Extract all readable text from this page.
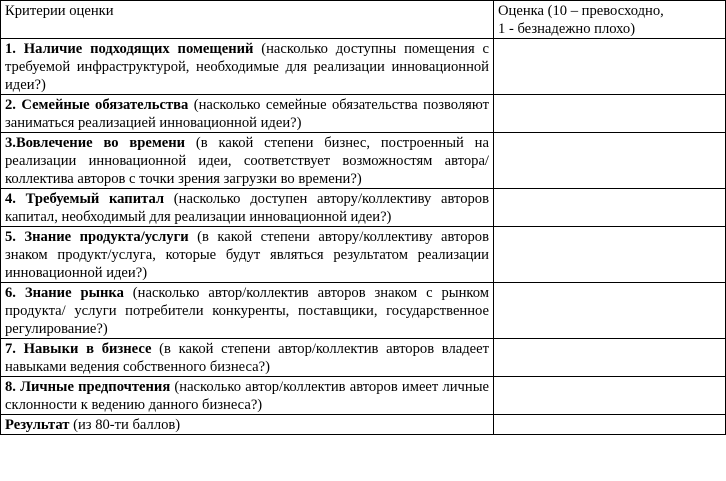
Критерии оценки	Оценка (10 – превосходно,
1 - безнадежно плохо)
1. Наличие подходящих помещений (насколько доступны помещения с требуемой инфраструктурой, необходимые для реализации инновационной идеи?)	
2. Семейные обязательства (насколько семейные обязательства позволяют заниматься реализацией инновационной идеи?)	
3.Вовлечение во времени (в какой степени бизнес, построенный на реализации инновационной идеи, соответствует возможностям автора/коллектива авторов с точки зрения загрузки во времени?)	
4. Требуемый капитал (насколько доступен автору/коллективу авторов капитал, необходимый для реализации инновационной идеи?)	
5. Знание продукта/услуги (в какой степени автору/коллективу авторов знаком продукт/услуга, которые будут являться результатом реализации инновационной идеи?)	
6. Знание рынка (насколько автор/коллектив авторов знаком с рынком продукта/ услуги потребители конкуренты, поставщики, государственное регулирование?)	
7. Навыки в бизнесе (в какой степени автор/коллектив авторов владеет навыками ведения собственного бизнеса?)	
8. Личные предпочтения (насколько автор/коллектив авторов имеет личные склонности к ведению данного бизнеса?)	
Результат (из 80-ти баллов)	
